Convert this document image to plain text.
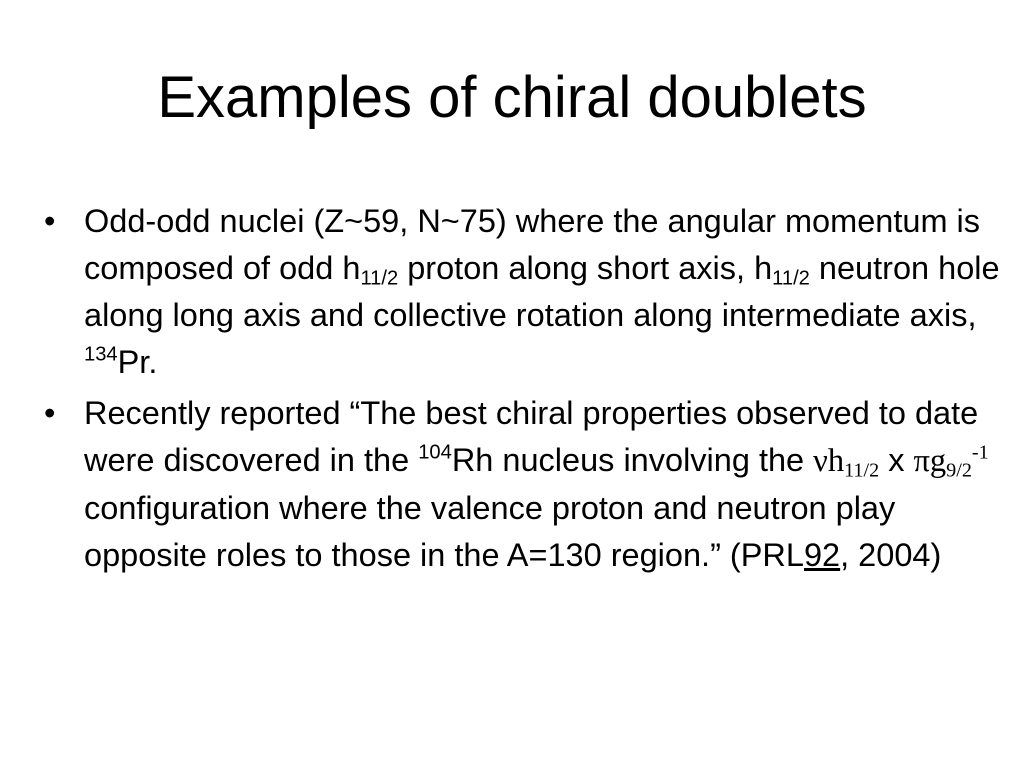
Examples of chiral doublets
• Odd-odd nuclei (Z~59, N~75) where the angular momentum is composed of odd $h_{11/2}$ proton along short axis, $h_{11/2}$ neutron hole along long axis and collective rotation along intermediate axis, $^{134}$Pr.
• Recently reported “The best chiral properties observed to date were discovered in the $^{104}$Rh nucleus involving the $\nu h_{11/2}$ x $\pi g_{9/2}^{-1}$ configuration where the valence proton and neutron play opposite roles to those in the A=130 region.” (PRL92, 2004)
